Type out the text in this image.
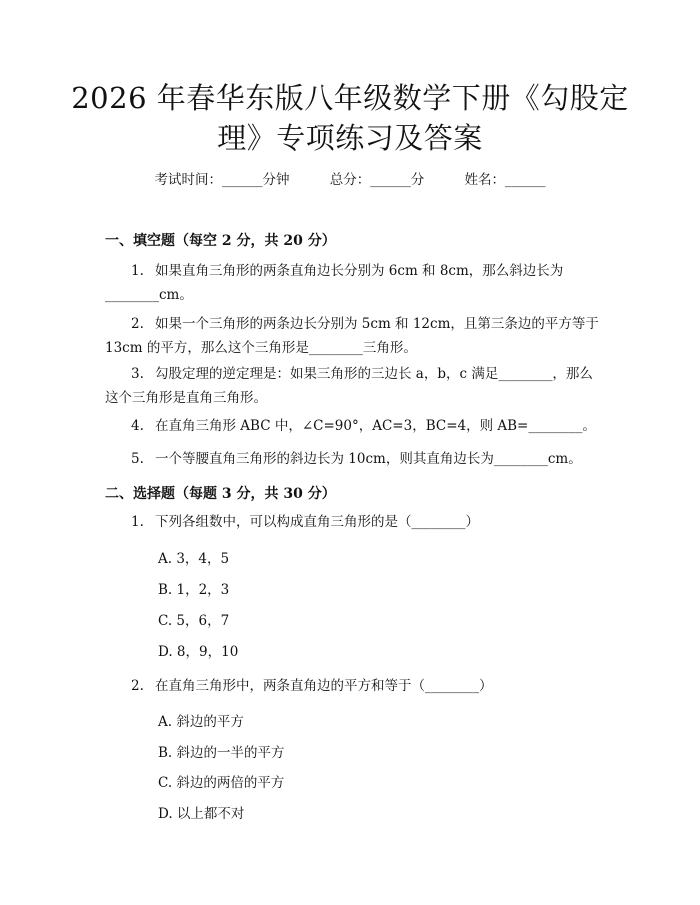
2026 年春华东版八年级数学下册《勾股定
理》专项练习及答案
考试时间：______分钟	总分：______分	姓名：______
一、填空题（每空 2 分，共 20 分）
1. 如果直角三角形的两条直角边长分别为 6cm 和 8cm，那么斜边长为________cm。
2. 如果一个三角形的两条边长分别为 5cm 和 12cm，且第三条边的平方等于 13cm 的平方，那么这个三角形是________三角形。
3. 勾股定理的逆定理是：如果三角形的三边长 a，b，c 满足________，那么这个三角形是直角三角形。
4. 在直角三角形 ABC 中，∠C=90°，AC=3，BC=4，则 AB=________。
5. 一个等腰直角三角形的斜边长为 10cm，则其直角边长为________cm。
二、选择题（每题 3 分，共 30 分）
1. 下列各组数中，可以构成直角三角形的是（________）
A. 3，4，5
B. 1，2，3
C. 5，6，7
D. 8，9，10
2. 在直角三角形中，两条直角边的平方和等于（________）
A. 斜边的平方
B. 斜边的一半的平方
C. 斜边的两倍的平方
D. 以上都不对
